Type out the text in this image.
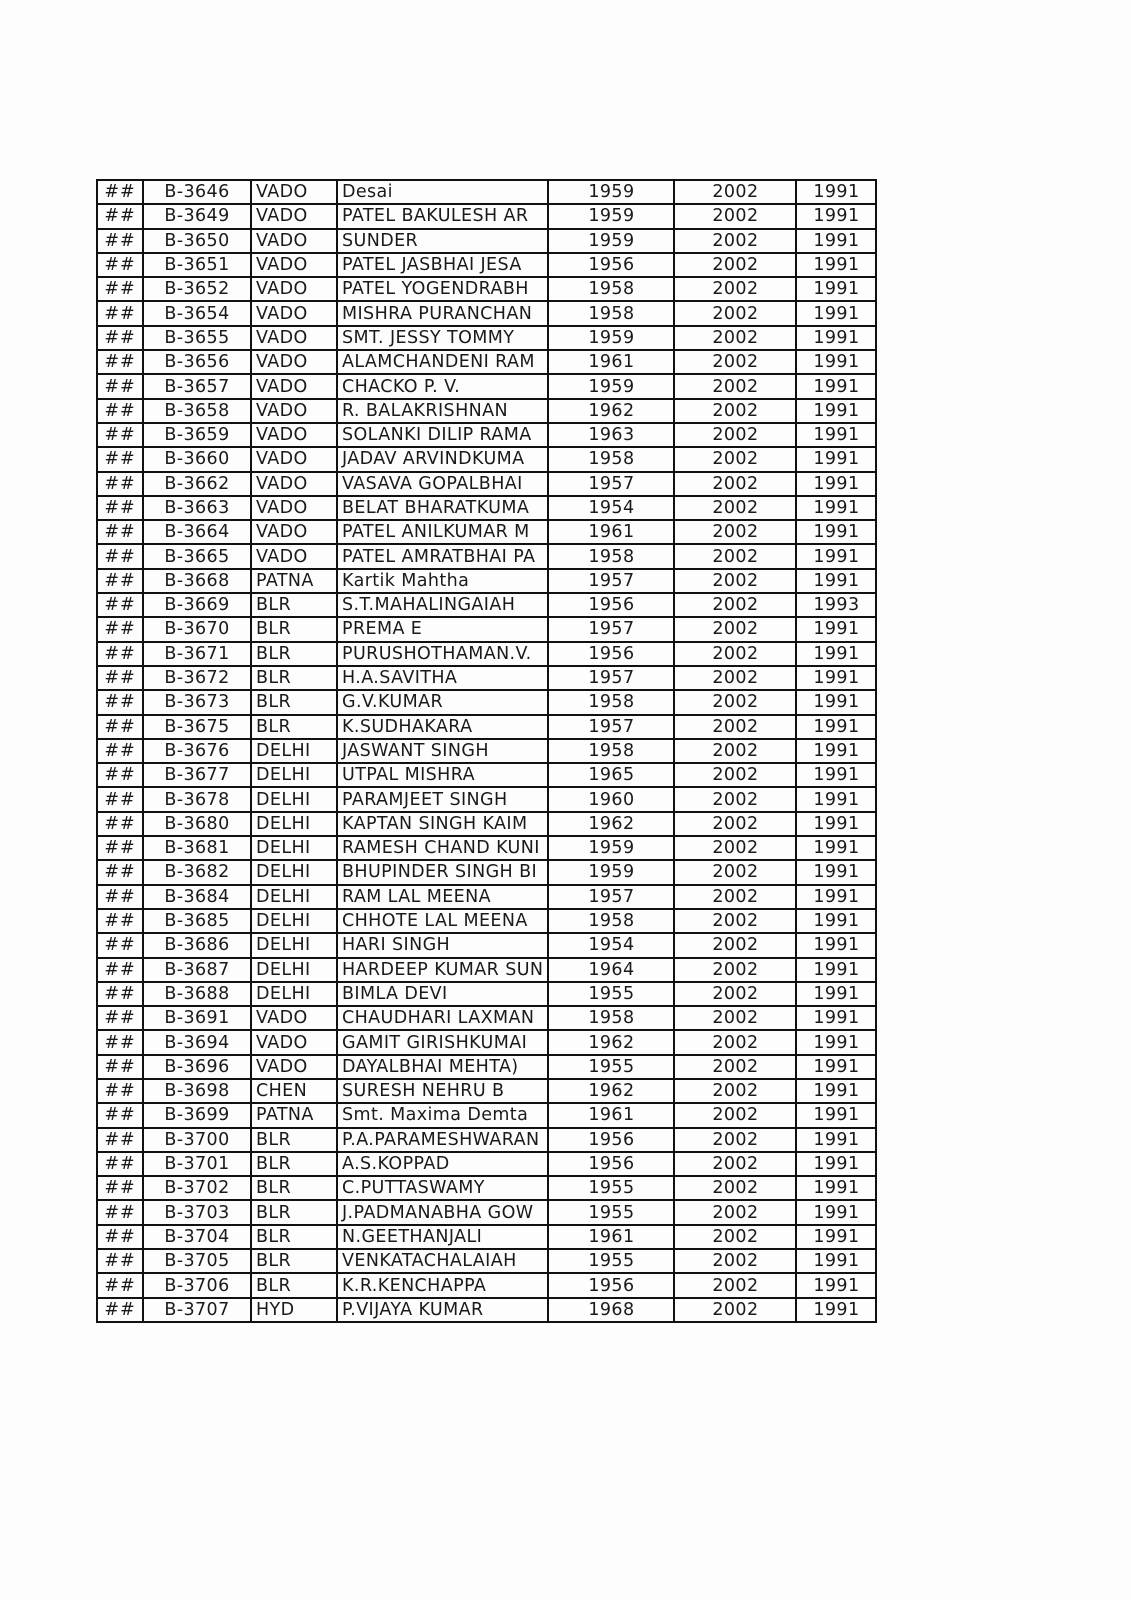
##	B-3646	VADO	Desai	1959	2002	1991
##	B-3649	VADO	PATEL BAKULESH AR	1959	2002	1991
##	B-3650	VADO	SUNDER	1959	2002	1991
##	B-3651	VADO	PATEL JASBHAI JESA	1956	2002	1991
##	B-3652	VADO	PATEL YOGENDRABH	1958	2002	1991
##	B-3654	VADO	MISHRA PURANCHAN	1958	2002	1991
##	B-3655	VADO	SMT. JESSY TOMMY	1959	2002	1991
##	B-3656	VADO	ALAMCHANDENI RAM	1961	2002	1991
##	B-3657	VADO	CHACKO P. V.	1959	2002	1991
##	B-3658	VADO	R. BALAKRISHNAN	1962	2002	1991
##	B-3659	VADO	SOLANKI DILIP RAMA	1963	2002	1991
##	B-3660	VADO	JADAV ARVINDKUMA	1958	2002	1991
##	B-3662	VADO	VASAVA GOPALBHAI	1957	2002	1991
##	B-3663	VADO	BELAT BHARATKUMA	1954	2002	1991
##	B-3664	VADO	PATEL ANILKUMAR M	1961	2002	1991
##	B-3665	VADO	PATEL AMRATBHAI PA	1958	2002	1991
##	B-3668	PATNA	Kartik Mahtha	1957	2002	1991
##	B-3669	BLR	S.T.MAHALINGAIAH	1956	2002	1993
##	B-3670	BLR	PREMA E	1957	2002	1991
##	B-3671	BLR	PURUSHOTHAMAN.V.	1956	2002	1991
##	B-3672	BLR	H.A.SAVITHA	1957	2002	1991
##	B-3673	BLR	G.V.KUMAR	1958	2002	1991
##	B-3675	BLR	K.SUDHAKARA	1957	2002	1991
##	B-3676	DELHI	JASWANT SINGH	1958	2002	1991
##	B-3677	DELHI	UTPAL MISHRA	1965	2002	1991
##	B-3678	DELHI	PARAMJEET SINGH	1960	2002	1991
##	B-3680	DELHI	KAPTAN SINGH KAIM	1962	2002	1991
##	B-3681	DELHI	RAMESH CHAND KUNI	1959	2002	1991
##	B-3682	DELHI	BHUPINDER SINGH BI	1959	2002	1991
##	B-3684	DELHI	RAM LAL MEENA	1957	2002	1991
##	B-3685	DELHI	CHHOTE LAL MEENA	1958	2002	1991
##	B-3686	DELHI	HARI SINGH	1954	2002	1991
##	B-3687	DELHI	HARDEEP KUMAR SUN	1964	2002	1991
##	B-3688	DELHI	BIMLA DEVI	1955	2002	1991
##	B-3691	VADO	CHAUDHARI LAXMAN	1958	2002	1991
##	B-3694	VADO	GAMIT GIRISHKUMAI	1962	2002	1991
##	B-3696	VADO	DAYALBHAI MEHTA)	1955	2002	1991
##	B-3698	CHEN	SURESH NEHRU B	1962	2002	1991
##	B-3699	PATNA	Smt. Maxima Demta	1961	2002	1991
##	B-3700	BLR	P.A.PARAMESHWARAN	1956	2002	1991
##	B-3701	BLR	A.S.KOPPAD	1956	2002	1991
##	B-3702	BLR	C.PUTTASWAMY	1955	2002	1991
##	B-3703	BLR	J.PADMANABHA GOW	1955	2002	1991
##	B-3704	BLR	N.GEETHANJALI	1961	2002	1991
##	B-3705	BLR	VENKATACHALAIAH	1955	2002	1991
##	B-3706	BLR	K.R.KENCHAPPA	1956	2002	1991
##	B-3707	HYD	P.VIJAYA KUMAR	1968	2002	1991
